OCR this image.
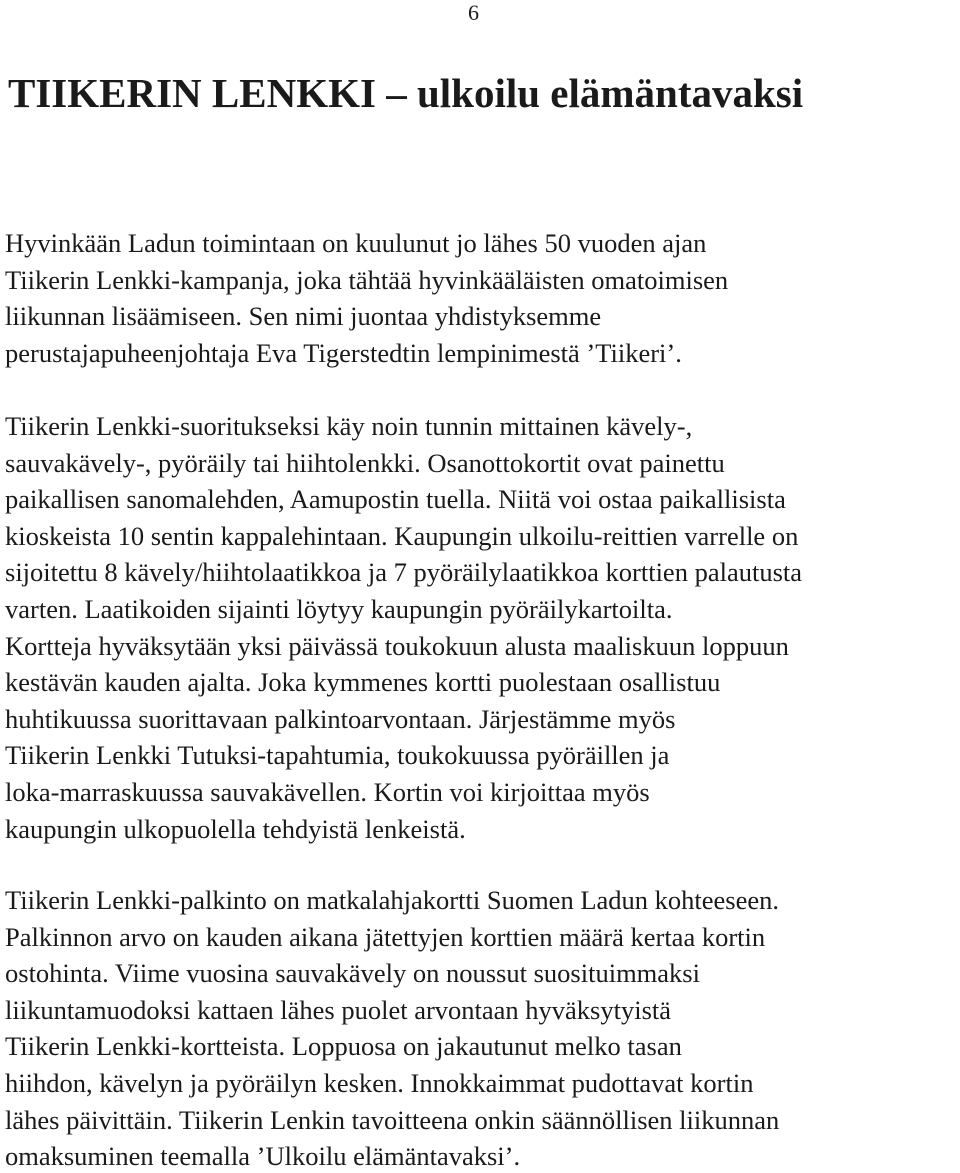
6
TIIKERIN LENKKI – ulkoilu elämäntavaksi
Hyvinkään Ladun toimintaan on kuulunut jo lähes 50 vuoden ajan
Tiikerin Lenkki-kampanja, joka tähtää hyvinkääläisten omatoimisen
liikunnan lisäämiseen. Sen nimi juontaa yhdistyksemme
perustajapuheenjohtaja Eva Tigerstedtin lempinimestä ’Tiikeri’.
Tiikerin Lenkki-suoritukseksi käy noin tunnin mittainen kävely-,
sauvakävely-, pyöräily tai hiihtolenkki. Osanottokortit ovat painettu
paikallisen sanomalehden, Aamupostin tuella. Niitä voi ostaa paikallisista
kioskeista 10 sentin kappalehintaan. Kaupungin ulkoilu-reittien varrelle on
sijoitettu 8 kävely/hiihtolaatikkoa ja 7 pyöräilylaatikkoa korttien palautusta
varten. Laatikoiden sijainti löytyy kaupungin pyöräilykartoilta.
Kortteja hyväksytään yksi päivässä toukokuun alusta maaliskuun loppuun
kestävän kauden ajalta. Joka kymmenes kortti puolestaan osallistuu
huhtikuussa suorittavaan palkintoarvontaan. Järjestämme myös
Tiikerin Lenkki Tutuksi-tapahtumia, toukokuussa pyöräillen ja
loka-marraskuussa sauvakävellen. Kortin voi kirjoittaa myös
kaupungin ulkopuolella tehdyistä lenkeistä.
Tiikerin Lenkki-palkinto on matkalahjakortti Suomen Ladun kohteeseen.
Palkinnon arvo on kauden aikana jätettyjen korttien määrä kertaa kortin
ostohinta. Viime vuosina sauvakävely on noussut suosituimmaksi
liikuntamuodoksi kattaen lähes puolet arvontaan hyväksytyistä
Tiikerin Lenkki-kortteista. Loppuosa on jakautunut melko tasan
hiihdon, kävelyn ja pyöräilyn kesken. Innokkaimmat pudottavat kortin
lähes päivittäin. Tiikerin Lenkin tavoitteena onkin säännöllisen liikunnan
omaksuminen teemalla ’Ulkoilu elämäntavaksi’.
